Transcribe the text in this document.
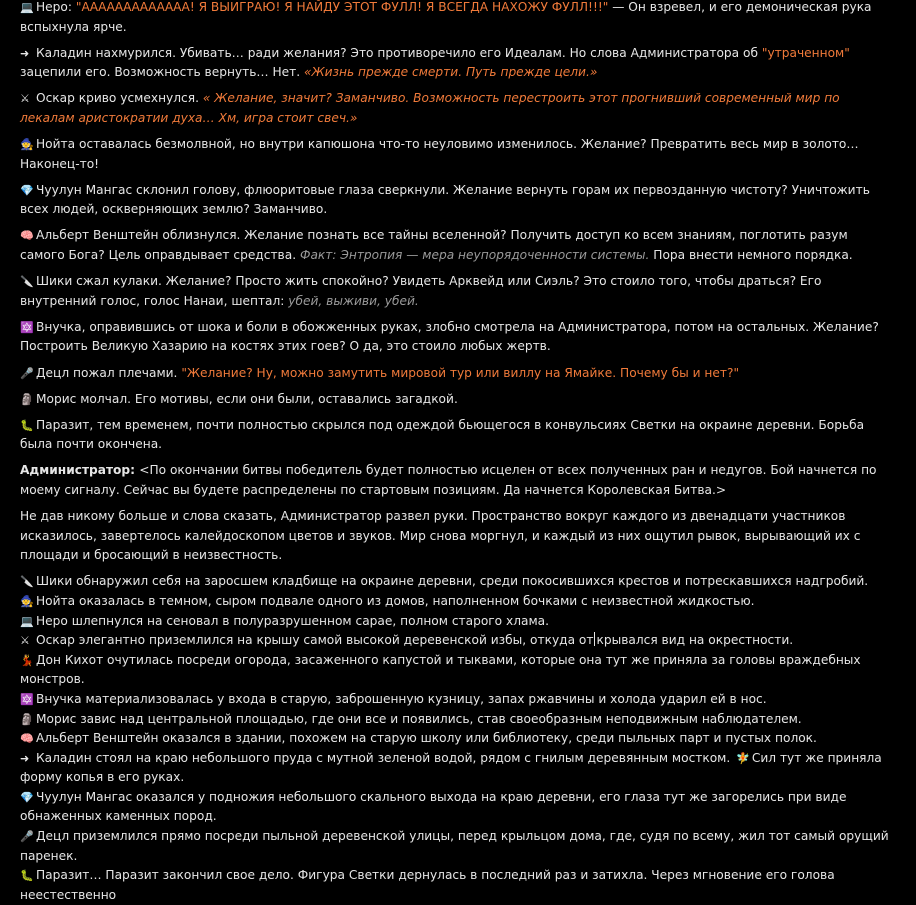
💻 Неро: "ААААААААААААА! Я ВЫИГРАЮ! Я НАЙДУ ЭТОТ ФУЛЛ! Я ВСЕГДА НАХОЖУ ФУЛЛ!!!" — Он взревел, и его демоническая рука вспыхнула ярче.
➜ Каладин нахмурился. Убивать… ради желания? Это противоречило его Идеалам. Но слова Администратора об "утраченном" зацепили его. Возможность вернуть… Нет. «Жизнь прежде смерти. Путь прежде цели.»
⚔ Оскар криво усмехнулся. « Желание, значит? Заманчиво. Возможность перестроить этот прогнивший современный мир по лекалам аристократии духа… Хм, игра стоит свеч.»
🧙 Нойта оставалась безмолвной, но внутри капюшона что-то неуловимо изменилось. Желание? Превратить весь мир в золото… Наконец-то!
💎 Чуулун Мангас склонил голову, флюоритовые глаза сверкнули. Желание вернуть горам их первозданную чистоту? Уничтожить всех людей, оскверняющих землю? Заманчиво.
🧠 Альберт Венштейн облизнулся. Желание познать все тайны вселенной? Получить доступ ко всем знаниям, поглотить разум самого Бога? Цель оправдывает средства. Факт: Энтропия — мера неупорядоченности системы. Пора внести немного порядка.
🔪 Шики сжал кулаки. Желание? Просто жить спокойно? Увидеть Арквейд или Сиэль? Это стоило того, чтобы драться? Его внутренний голос, голос Нанаи, шептал: убей, выживи, убей.
🔯 Внучка, оправившись от шока и боли в обожженных руках, злобно смотрела на Администратора, потом на остальных. Желание? Построить Великую Хазарию на костях этих гоев? О да, это стоило любых жертв.
🎤 Децл пожал плечами. "Желание? Ну, можно замутить мировой тур или виллу на Ямайке. Почему бы и нет?"
🗿 Морис молчал. Его мотивы, если они были, оставались загадкой.
🐛 Паразит, тем временем, почти полностью скрылся под одеждой бьющегося в конвульсиях Светки на окраине деревни. Борьба была почти окончена.
Администратор: <По окончании битвы победитель будет полностью исцелен от всех полученных ран и недугов. Бой начнется по моему сигналу. Сейчас вы будете распределены по стартовым позициям. Да начнется Королевская Битва.>
Не дав никому больше и слова сказать, Администратор развел руки. Пространство вокруг каждого из двенадцати участников исказилось, завертелось калейдоскопом цветов и звуков. Мир снова моргнул, и каждый из них ощутил рывок, вырывающий их с площади и бросающий в неизвестность.
🔪 Шики обнаружил себя на заросшем кладбище на окраине деревни, среди покосившихся крестов и потрескавшихся надгробий.
🧙 Нойта оказалась в темном, сыром подвале одного из домов, наполненном бочками с неизвестной жидкостью.
💻 Неро шлепнулся на сеновал в полуразрушенном сарае, полном старого хлама.
⚔ Оскар элегантно приземлился на крышу самой высокой деревенской избы, откуда от крывался вид на окрестности.
💃 Дон Кихот очутилась посреди огорода, засаженного капустой и тыквами, которые она тут же приняла за головы враждебных монстров.
🔯 Внучка материализовалась у входа в старую, заброшенную кузницу, запах ржавчины и холода ударил ей в нос.
🗿 Морис завис над центральной площадью, где они все и появились, став своеобразным неподвижным наблюдателем.
🧠 Альберт Венштейн оказался в здании, похожем на старую школу или библиотеку, среди пыльных парт и пустых полок.
➜ Каладин стоял на краю небольшого пруда с мутной зеленой водой, рядом с гнилым деревянным мостком. 🧚 Сил тут же приняла форму копья в его руках.
💎 Чуулун Мангас оказался у подножия небольшого скального выхода на краю деревни, его глаза тут же загорелись при виде обнаженных каменных пород.
🎤 Децл приземлился прямо посреди пыльной деревенской улицы, перед крыльцом дома, где, судя по всему, жил тот самый орущий паренек.
🐛 Паразит… Паразит закончил свое дело. Фигура Светки дернулась в последний раз и затихла. Через мгновение его голова неестественно
